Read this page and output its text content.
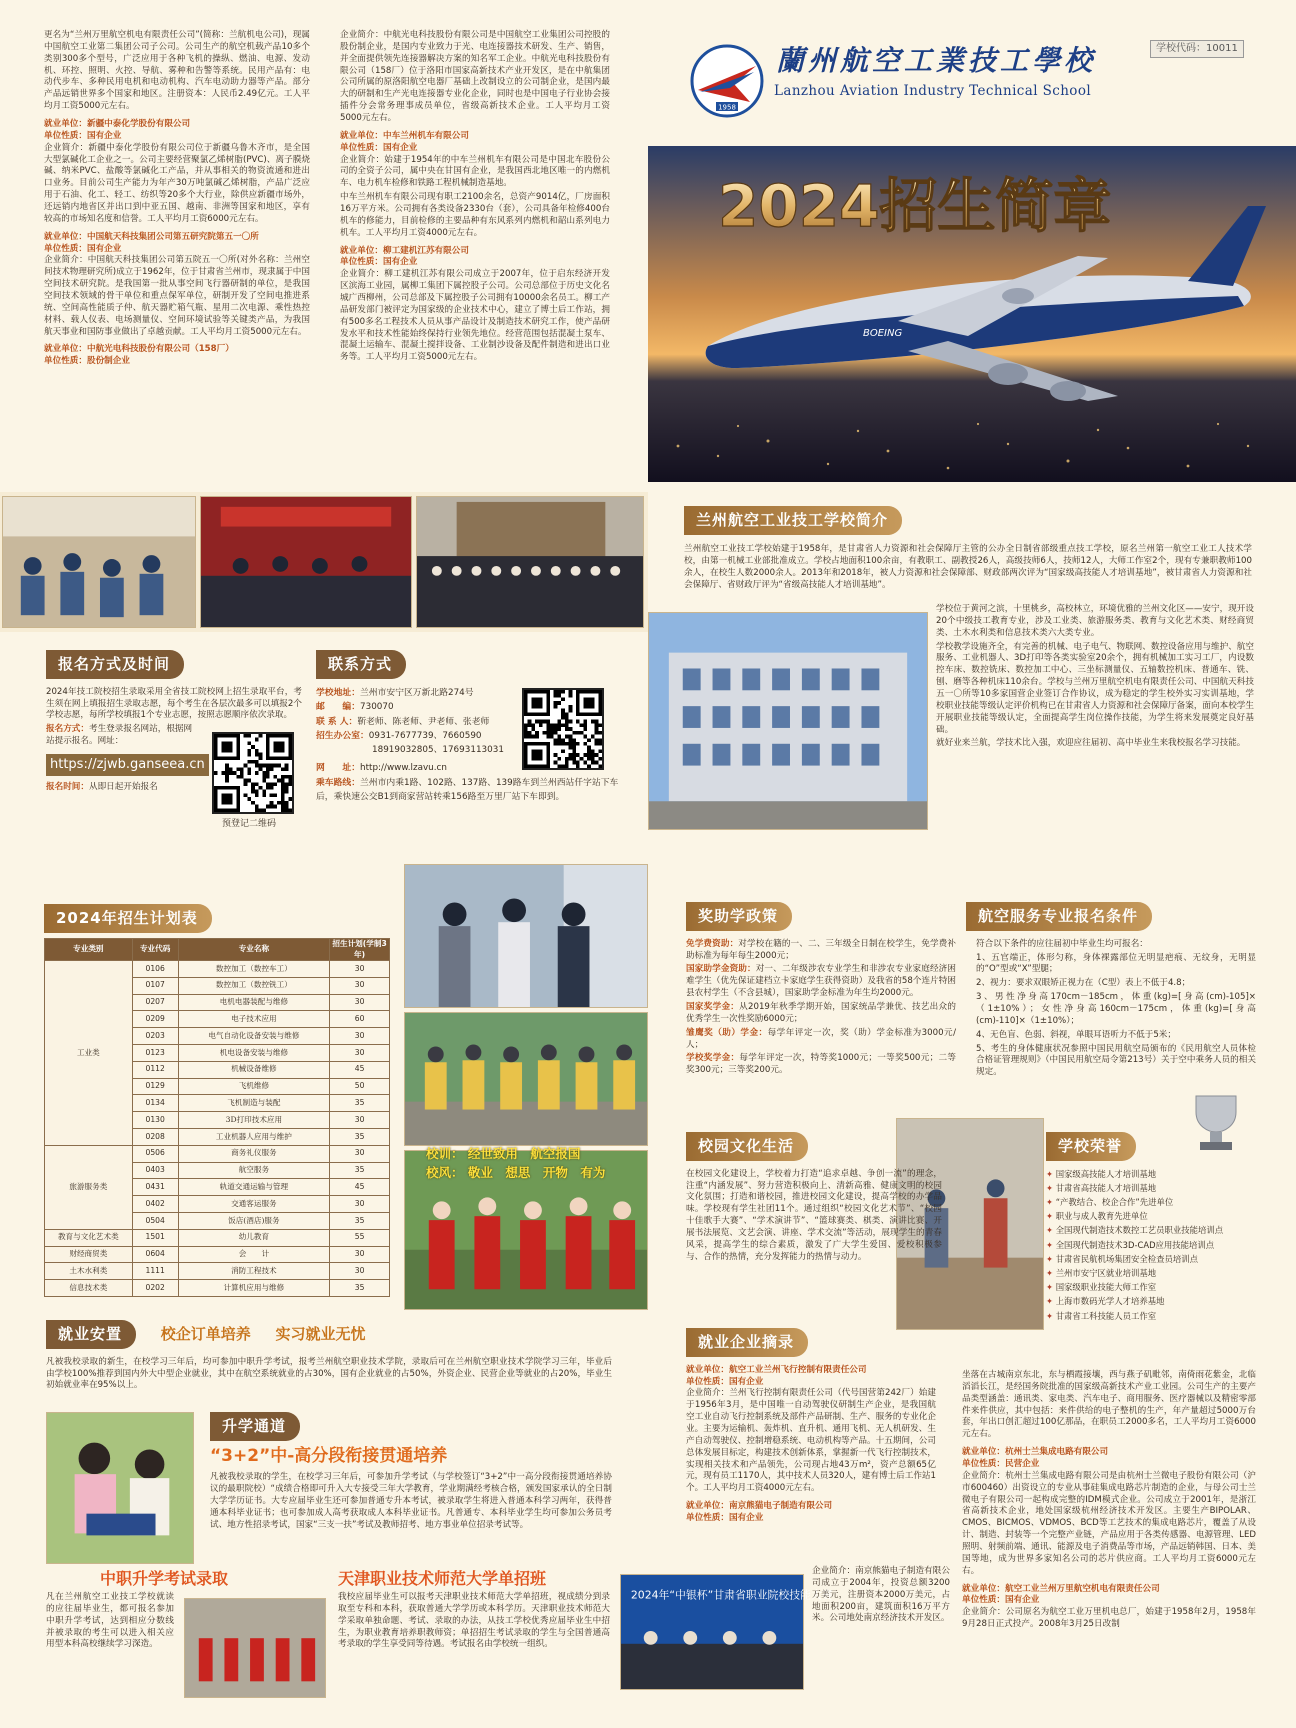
更名为“兰州万里航空机电有限责任公司”(简称：兰航机电公司)，现属中国航空工业第二集团公司子公司。公司生产的航空机载产品10多个类别300多个型号，广泛应用于各种飞机的操纵、燃油、电源、发动机、环控、照明、火控、导航、雾种和告警等系统。民用产品有：电动代步车、多种民用电机和电动机构、汽车电动助力器等产品。部分产品远销世界多个国家和地区。注册资本：人民币2.49亿元。工人平均月工资5000元左右。

就业单位：新疆中泰化学股份有限公司
单位性质：国有企业

企业简介：新疆中泰化学股份有限公司位于新疆乌鲁木齐市，是全国大型氯碱化工企业之一。公司主要经营聚氯乙烯树脂(PVC)、离子膜烧碱、纳米PVC、盐酸等氯碱化工产品，并从事相关的物资流通和进出口业务。目前公司生产能力为年产30万吨氯碱乙烯树脂，产品广泛应用于石油、化工、轻工、纺织等20多个大行业，除供应新疆市场外，还远销内地省区并出口到中亚五国、越南、非洲等国家和地区，享有较高的市场知名度和信誉。工人平均月工资6000元左右。

就业单位：中国航天科技集团公司第五研究院第五一〇所
单位性质：国有企业

企业简介：中国航天科技集团公司第五院五一〇所(对外名称：兰州空间技术物理研究所)成立于1962年，位于甘肃省兰州市，现隶属于中国空间技术研究院。是我国第一批从事空间飞行器研制的单位，是我国空间技术领域的骨干单位和重点保军单位，研制开发了空间电推进系统、空间高性能质子仲、航天器贮箱气瓶、星用二次电源、乘性热控材料、载人仪表、电场测量仪、空间环境试验等关键类产品，为我国航天事业和国防事业做出了卓越贡献。工人平均月工资5000元左右。

就业单位：中航光电科技股份有限公司（158厂）
单位性质：股份制企业

企业简介：中航光电科技股份有限公司是中国航空工业集团公司控股的股份制企业，是国内专业致力于光、电连接器技术研发、生产、销售，并全面提供领先连接器解决方案的知名军工企业。中航光电科技股份有限公司（158厂）位于洛阳市国家高新技术产业开发区，是在中航集团公司所属的原洛阳航空电器厂基础上改制设立的公司制企业，是国内最大的研制和生产光电连接器专业化企业，同时也是中国电子行业协会接插件分会常务理事成员单位，省级高新技术企业。工人平均月工资5000元左右。

就业单位：中车兰州机车有限公司
单位性质：国有企业

企业简介：始建于1954年的中车兰州机车有限公司是中国北车股份公司的全资子公司，属中央在甘国有企业，是我国西北地区唯一的内燃机车、电力机车检修和铁路工程机械制造基地。

中车兰州机车有限公司现有职工2100余名，总资产9014亿，厂房面积16万平方米。公司拥有各类设备2330台（套），公司具备年检修400台机车的修能力，目前检修的主要品种有东风系列内燃机和韶山系列电力机车。工人平均月工资4000元左右。

就业单位：柳工建机江苏有限公司
单位性质：国有企业

企业简介：柳工建机江苏有限公司成立于2007年，位于启东经济开发区滨海工业园，属柳工集团下属控股子公司。公司总部位于历史文化名城广西柳州，公司总部及下属控股子公司拥有10000余名员工。柳工产品研发部门被评定为国家级的企业技术中心，建立了博士后工作站，拥有500多名工程技术人员从事产品设计及制造技术研究工作，使产品研发水平和技术性能始终保持行业领先地位。经营范围包括混凝土泵车、混凝土运输车、混凝土搅拌设备、工业制沙设备及配件制造和进出口业务等。工人平均月工资5000元左右。

1958
蘭州航空工業技工學校
Lanzhou Aviation Industry Technical School
学校代码：10011
2024招生简章
BOEING
兰州航空工业技工学校简介

兰州航空工业技工学校始建于1958年，是甘肃省人力资源和社会保障厅主管的公办全日制省部级重点技工学校，原名兰州第一航空工业工人技术学校，由第一机械工业部批准成立。学校占地面积100余亩，有教职工、副教授26人，高级技师6人，技师12人，大师工作室2个，现有专兼职教师100余人，在校生人数2000余人。2013年和2018年，被人力资源和社会保障部、财政部两次评为“国家级高技能人才培训基地”，被甘肃省人力资源和社会保障厅、省财政厅评为“省级高技能人才培训基地”。

学校位于黄河之滨，十里桃乡，高校林立，环境优雅的兰州文化区——安宁，现开设20个中级技工教育专业，涉及工业类、旅游服务类、教育与文化艺术类、财经商贸类、土木水利类和信息技术类六大类专业。

学校教学设施齐全，有完善的机械、电子电气、物联网、数控设备应用与维护、航空服务、工业机器人、3D打印等各类实验室20余个，拥有机械加工实习工厂，内设数控车床、数控铣床、数控加工中心、三坐标测量仪、五轴数控机床、普通车、铣、刨、磨等各种机床110余台。学校与兰州万里航空机电有限责任公司、中国航天科技五一〇所等10多家国营企业签订合作协议，成为稳定的学生校外实习实训基地，学校职业技能等级认定评价机构已在甘肃省人力资源和社会保障厅备案，面向本校学生开展职业技能等级认定，全面提高学生岗位操作技能，为学生将来发展奠定良好基础。

就好业来兰航，学技术比入强，欢迎应往届初、高中毕业生来我校报名学习技能。

报名方式及时间

2024年技工院校招生录取采用全省技工院校网上招生录取平台，考生须在网上填报招生录取志愿，每个考生在各层次最多可以填报2个学校志愿，每所学校填报1个专业志愿，按照志愿顺序依次录取。

报名方式：考生登录报名网站，根据网站提示报名。网址：
https://zjwb.ganseea.cn
报名时间：从即日起开始报名
预登记二维码
联系方式
学校地址：兰州市安宁区万新北路274号
邮　　编：730070
联 系 人：靳老师、陈老师、尹老师、张老师
招生办公室：0931-7677739、7660590
18919032805、17693113031
网　　址：http://www.lzavu.cn
乘车路线：兰州市内乘1路、102路、137路、139路车到兰州西站仟字站下车后，乘快速公交B1到商家营站转乘156路至万里厂站下车即到。
2024年招生计划表
专业类别	专业代码	专业名称	招生计划(学制3年)
工业类	0106	数控加工（数控车工）	30
	0107	数控加工（数控铣工）	30
	0207	电机电器装配与维修	30
	0209	电子技术应用	60
	0203	电气自动化设备安装与维修	30
	0123	机电设备安装与维修	30
	0112	机械设备维修	45
	0129	飞机维修	50
	0134	飞机制造与装配	35
	0130	3D打印技术应用	30
	0208	工业机器人应用与维护	35
旅游服务类	0506	商务礼仪服务	30
	0403	航空服务	35
	0431	轨道交通运输与管理	45
	0402	交通客运服务	30
	0504	饭店(酒店)服务	35
教育与文化艺术类	1501	幼儿教育	55
财经商贸类	0604	会　　计	30
土木水利类	1111	消防工程技术	30
信息技术类	0202	计算机应用与维修	35
校训： 经世致用　航空报国
校风： 敬业　想思　开物　有为
奖助学政策

免学费资助：对学校在籍的一、二、三年级全日制在校学生，免学费补助标准为每年每生2000元；

国家助学金资助：对一、二年级涉农专业学生和非涉农专业家庭经济困难学生（优先保证建档立卡家庭学生获得资助）及我省的58个连片特困县农村学生（不含县城），国家助学金标准为年生均2000元。

国家奖学金：从2019年秋季学期开始，国家统品学兼优、技艺出众的优秀学生一次性奖励6000元；

雏鹰奖（助）学金：每学年评定一次，奖（助）学金标准为3000元/人；

学校奖学金：每学年评定一次，特等奖1000元；一等奖500元；二等奖300元；三等奖200元。

航空服务专业报名条件

符合以下条件的应往届初中毕业生均可报名：

1、五官端正，体形匀称，身体裸露部位无明显疤痕、无纹身，无明显的“O”型或“X”型腿；

2、视力：要求双眼矫正视力在（C型）表上不低于4.8；

3、男性净身高170cm－185cm，体重(kg)=[身高(cm)-105]×（1±10%）；女性净身高160cm－175cm，体重(kg)=[身高(cm)-110]×（1±10%）；

4、无色盲、色弱、斜视，单眼耳语听力不低于5米；

5、考生的身体健康状况参照中国民用航空局颁布的《民用航空人员体检合格证管理规则》（中国民用航空局令第213号）关于空中乘务人员的相关规定。

校园文化生活

在校园文化建设上，学校着力打造“追求卓越、争创一流”的理念，注重“内涵发展”、努力营造积极向上、清新高雅、健康文明的校园文化氛围；打造和谐校园，推进校园文化建设，提高学校的办学品味。学校现有学生社团11个。通过组织“校园文化艺术节”、“校园十佳歌手大赛”、“学术演讲节”、“篮球赛类、棋类、演讲比赛、开展书法展览、文艺会演、讲座、学术交流”等活动，展现学生的青春风采，提高学生的综合素质，激发了广大学生爱国、爱校积极参与、合作的热情，充分发挥能力的热情与动力。

学校荣誉
✦ 国家级高技能人才培训基地
✦ 甘肃省高技能人才培训基地
✦ “产教结合、校企合作”先进单位
✦ 职业与成人教育先进单位
✦ 全国现代制造技术数控工艺员职业技能培训点
✦ 全国现代制造技术3D-CAD应用技能培训点
✦ 甘肃省民航机场集团安全检查员培训点
✦ 兰州市安宁区就业培训基地
✦ 国家级职业技能大师工作室
✦ 上海市数码光学人才培养基地
✦ 甘肃省工科技能人员工作室
就业安置	校企订单培养 实习就业无忧

凡被我校录取的新生，在校学习三年后，均可参加中职升学考试，报考兰州航空职业技术学院，录取后可在兰州航空职业技术学院学习三年，毕业后由学校100%推荐到国内外大中型企业就业，其中在航空系统就业的占30%，国有企业就业的占50%，外资企业、民营企业等就业的占20%，毕业生初始就业率在95%以上。

升学通道
“3+2”中-高分段衔接贯通培养

凡被我校录取的学生，在校学习三年后，可参加升学考试（与学校签订“3+2”中一高分段衔接贯通培养协议的最职院校）“成绩合格即可升入大专接受三年大学教育，学业期满经考核合格，颁发国家承认的全日制大学学历证书。大专应届毕业生还可参加普通专升本考试，被录取学生将进入普通本科学习两年，获得普通本科毕业证书；也可参加成人高考获取成人本科毕业证书。凡普通专、本科毕业学生均可参加公务员考试、地方性招录考试，国家“三支一扶”考试及教师招考、地方事业单位招录考试等。

中职升学考试录取

凡在兰州航空工业技工学校就读的应往届毕业生，都可报名参加中职升学考试，达到相应分数线并被录取的考生可以进入相关应用型本科高校继续学习深造。

天津职业技术师范大学单招班

我校应届毕业生可以报考天津职业技术师范大学单招班，视成绩分到录取至专科和本科，获取普通大学学历或本科学历。天津职业技术师范大学采取单独命题、考试、录取的办法，从技工学校优秀应届毕业生中招生，为职业教育培养职教师资；单招招生考试录取的学生与全国普通高考录取的学生享受同等待遇。考试报名由学校统一组织。

就业企业摘录
就业单位：航空工业兰州飞行控制有限责任公司
单位性质：国有企业

企业简介：兰州飞行控制有限责任公司（代号国营第242厂）始建于1956年3月，是中国唯一自动驾驶仪研制生产企业，是我国航空工业自动飞行控制系统及部件产品研制、生产、服务的专业化企业。主要为运输机、轰炸机、直升机、通用飞机、无人机研发、生产自动驾驶仪、控制增稳系统、电动机构等产品。十五期间，公司总体发展目标定，构建技术创新体系，掌握新一代飞行控制技术，实现相关技术和产品领先，公司现占地43万m²，资产总额65亿元，现有员工1170人，其中技术人员320人，建有博士后工作站1个。工人平均月工资4000元左右。

就业单位：南京熊猫电子制造有限公司
单位性质：国有企业
2024年“中银杯”甘肃省职业院校技能大赛

企业简介：南京熊猫电子制造有限公司成立于2004年，投资总额3200万美元，注册资本2000万美元，占地面积200亩，建筑面积16万平方米。公司地处南京经济技术开发区。

坐落在古城南京东北，东与栖霞接壤，西与燕子矶毗邻，南倚雨花紫金，北临滔滔长江，是经国务院批准的国家级高新技术产业工业园。公司生产的主要产品类型涵盖：通讯类、家电类、汽车电子、商用服务、医疗器械以及精密零部件来件供应，其中包括：来件供给的电子整机的生产，年产量超过5000万台套，年出口创汇超过100亿那品，在职员工2000多名，工人平均月工资6000元左右。

就业单位：杭州士兰集成电路有限公司
单位性质：民营企业

企业简介：杭州士兰集成电路有限公司是由杭州士兰微电子股份有限公司（沪市600460）出资设立的专业从事硅集成电路芯片制造的企业，与母公司士兰微电子有限公司一起构成完整的IDM模式企业。公司成立于2001年，是浙江省高新技术企业，地处国家级杭州经济技术开发区。主要生产BIPOLAR、CMOS、BICMOS、VDMOS、BCD等工艺技术的集成电路芯片，覆盖了从设计、制造、封装等一个完整产业链，产品应用于各类传感器、电源管理、LED照明、射频前端、通讯、能源及电子消费品等市场，产品远销韩国、日本、美国等地，成为世界多家知名公司的芯片供应商。工人平均月工资6000元左右。

就业单位：航空工业兰州万里航空机电有限责任公司
单位性质：国有企业

企业简介：公司原名为航空工业万里机电总厂，始建于1958年2月，1958年9月28日正式投产。2008年3月25日改制
